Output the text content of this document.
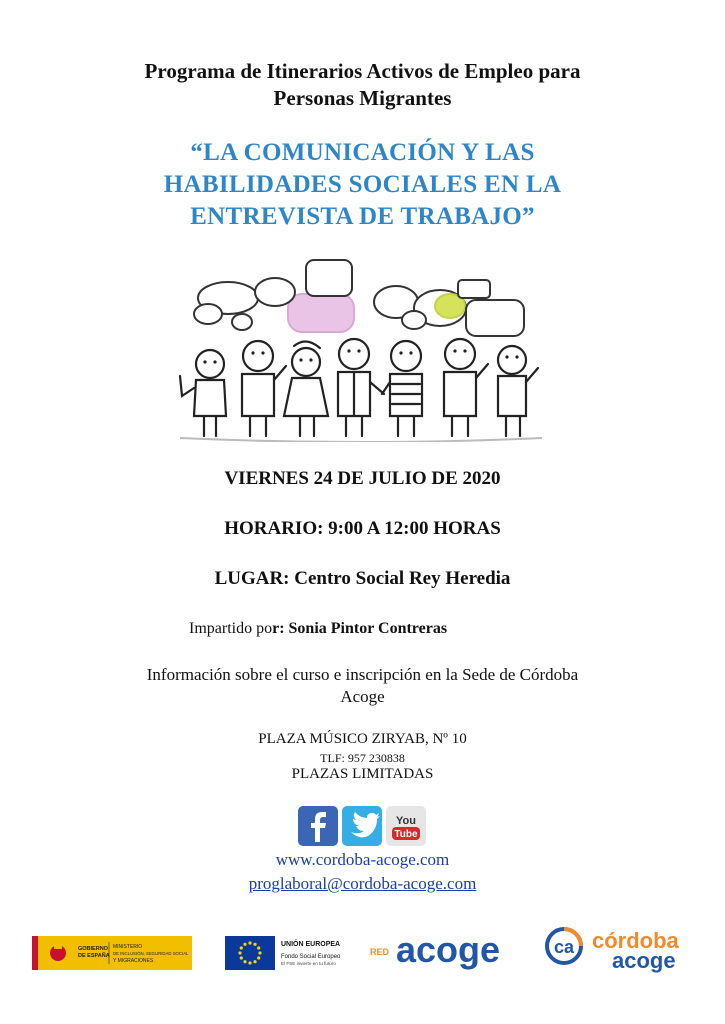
Programa de Itinerarios Activos de Empleo para
Personas Migrantes
“LA COMUNICACIÓN Y LAS
HABILIDADES SOCIALES EN LA
ENTREVISTA DE TRABAJO”
VIERNES 24 DE JULIO DE 2020
HORARIO: 9:00 A 12:00 HORAS
LUGAR: Centro Social Rey Heredia
Impartido por: Sonia Pintor Contreras
Información sobre el curso e inscripción en la Sede de Córdoba
Acoge
PLAZA MÚSICO ZIRYAB, Nº 10
TLF: 957 230838
PLAZAS LIMITADAS
You
Tube
www.cordoba-acoge.com
proglaboral@cordoba-acoge.com
GOBIERNO
DE ESPAÑA
MINISTERIO
DE INCLUSIÓN, SEGURIDAD SOCIAL
Y MIGRACIONES
UNIÓN EUROPEA
Fondo Social Europeo
El FSE invierte en tu futuro
RED acoge	ca córdoba
acoge
